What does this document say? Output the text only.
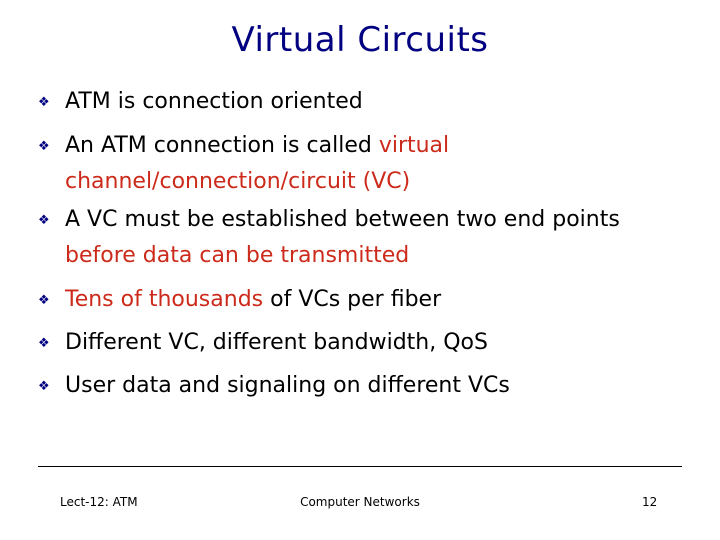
Virtual Circuits
❖ ATM is connection oriented
❖ An ATM connection is called virtual channel/connection/circuit (VC)
❖ A VC must be established between two end points before data can be transmitted
❖ Tens of thousands of VCs per fiber
❖ Different VC, different bandwidth, QoS
❖ User data and signaling on different VCs
Lect-12: ATM	Computer Networks	12
